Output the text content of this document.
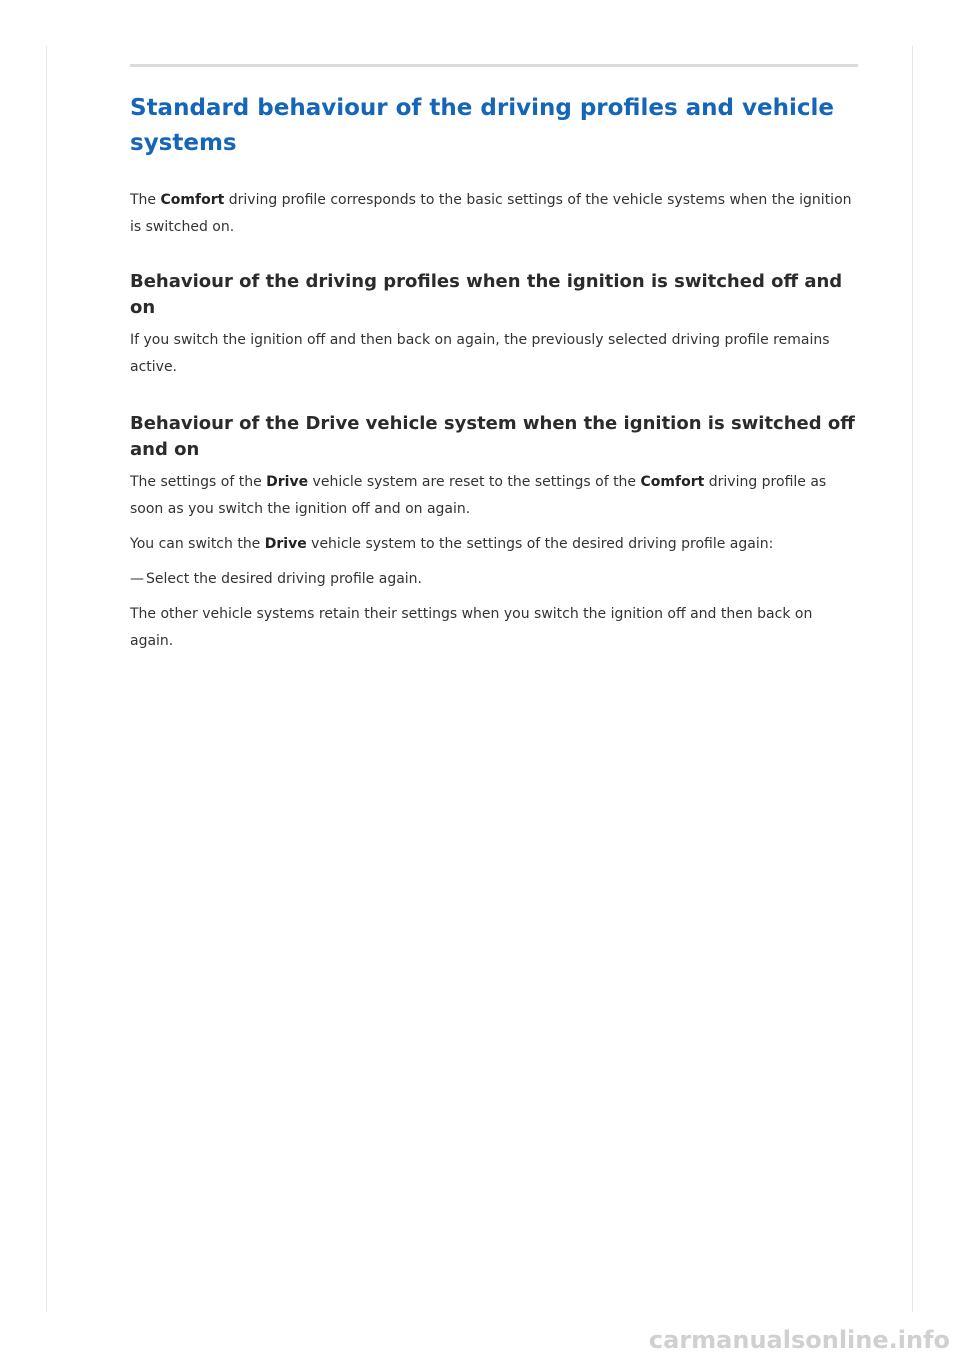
Standard behaviour of the driving profiles and vehicle systems

The Comfort driving profile corresponds to the basic settings of the vehicle systems when the ignition is switched on.

Behaviour of the driving profiles when the ignition is switched off and on

If you switch the ignition off and then back on again, the previously selected driving profile remains active.

Behaviour of the Drive vehicle system when the ignition is switched off and on

The settings of the Drive vehicle system are reset to the settings of the Comfort driving profile as soon as you switch the ignition off and on again.

You can switch the Drive vehicle system to the settings of the desired driving profile again:

— Select the desired driving profile again.

The other vehicle systems retain their settings when you switch the ignition off and then back on again.

carmanualsonline.info
